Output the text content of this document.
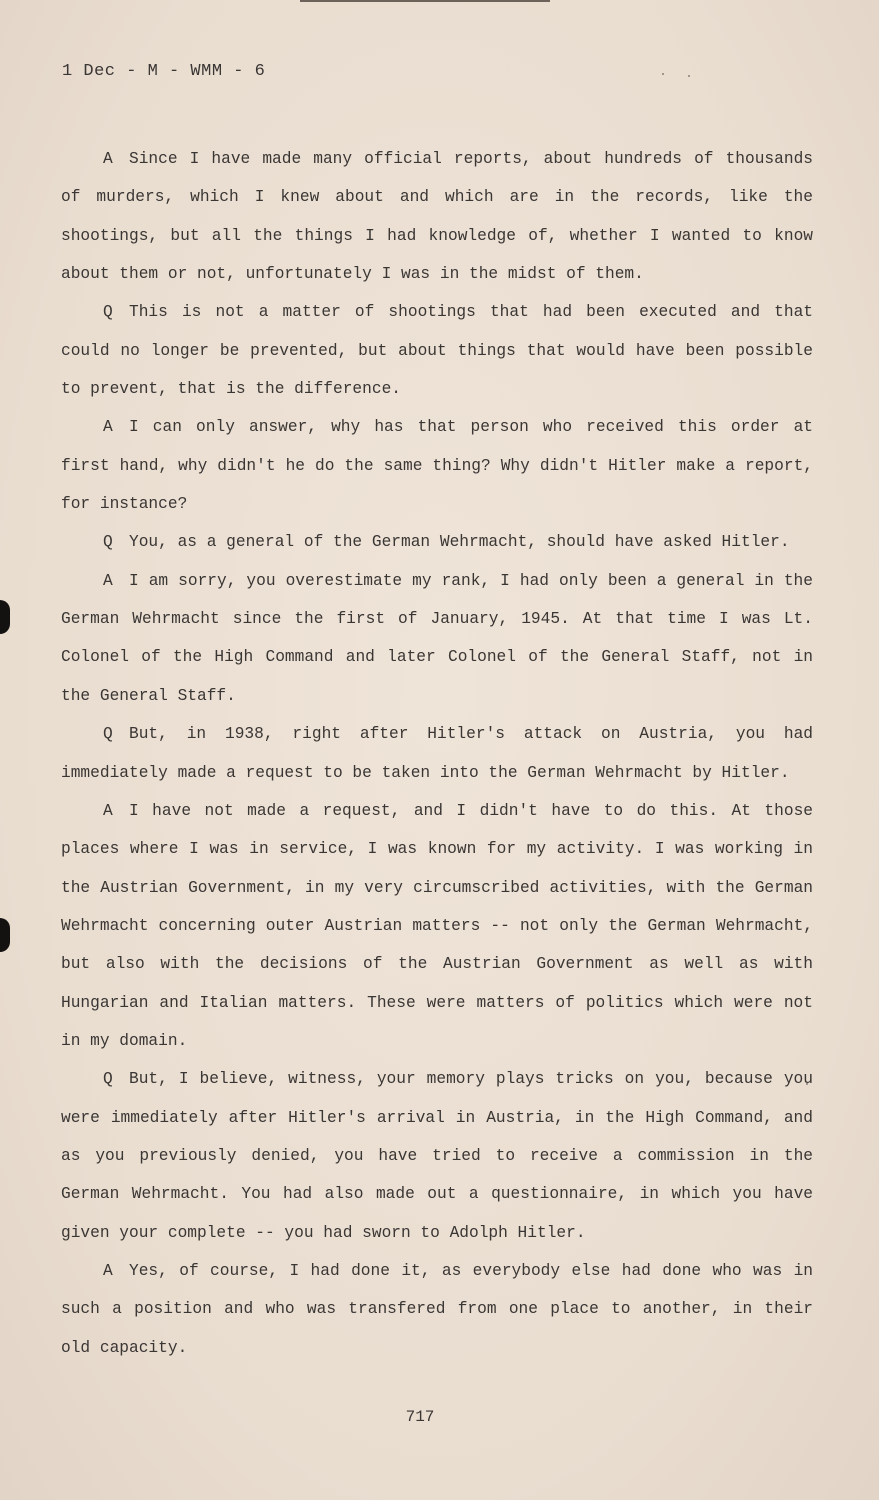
1 Dec - M - WMM - 6

A Since I have made many official reports, about hundreds of thousands of murders, which I knew about and which are in the records, like the shootings, but all the things I had knowledge of, whether I wanted to know about them or not, unfortunately I was in the midst of them.

Q This is not a matter of shootings that had been executed and that could no longer be prevented, but about things that would have been possible to prevent, that is the difference.

A I can only answer, why has that person who received this order at first hand, why didn't he do the same thing? Why didn't Hitler make a report, for instance?

Q You, as a general of the German Wehrmacht, should have asked Hitler.

A I am sorry, you overestimate my rank, I had only been a general in the German Wehrmacht since the first of January, 1945. At that time I was Lt. Colonel of the High Command and later Colonel of the General Staff, not in the General Staff.

Q But, in 1938, right after Hitler's attack on Austria, you had immediately made a request to be taken into the German Wehrmacht by Hitler.

A I have not made a request, and I didn't have to do this. At those places where I was in service, I was known for my activity. I was working in the Austrian Government, in my very circumscribed activities, with the German Wehrmacht concerning outer Austrian matters -- not only the German Wehrmacht, but also with the decisions of the Austrian Government as well as with Hungarian and Italian matters. These were matters of politics which were not in my domain.

Q But, I believe, witness, your memory plays tricks on you, because you were immediately after Hitler's arrival in Austria, in the High Command, and as you previously denied, you have tried to receive a commission in the German Wehrmacht. You had also made out a questionnaire, in which you have given your complete -- you had sworn to Adolph Hitler.

A Yes, of course, I had done it, as everybody else had done who was in such a position and who was transfered from one place to another, in their old capacity.

717
